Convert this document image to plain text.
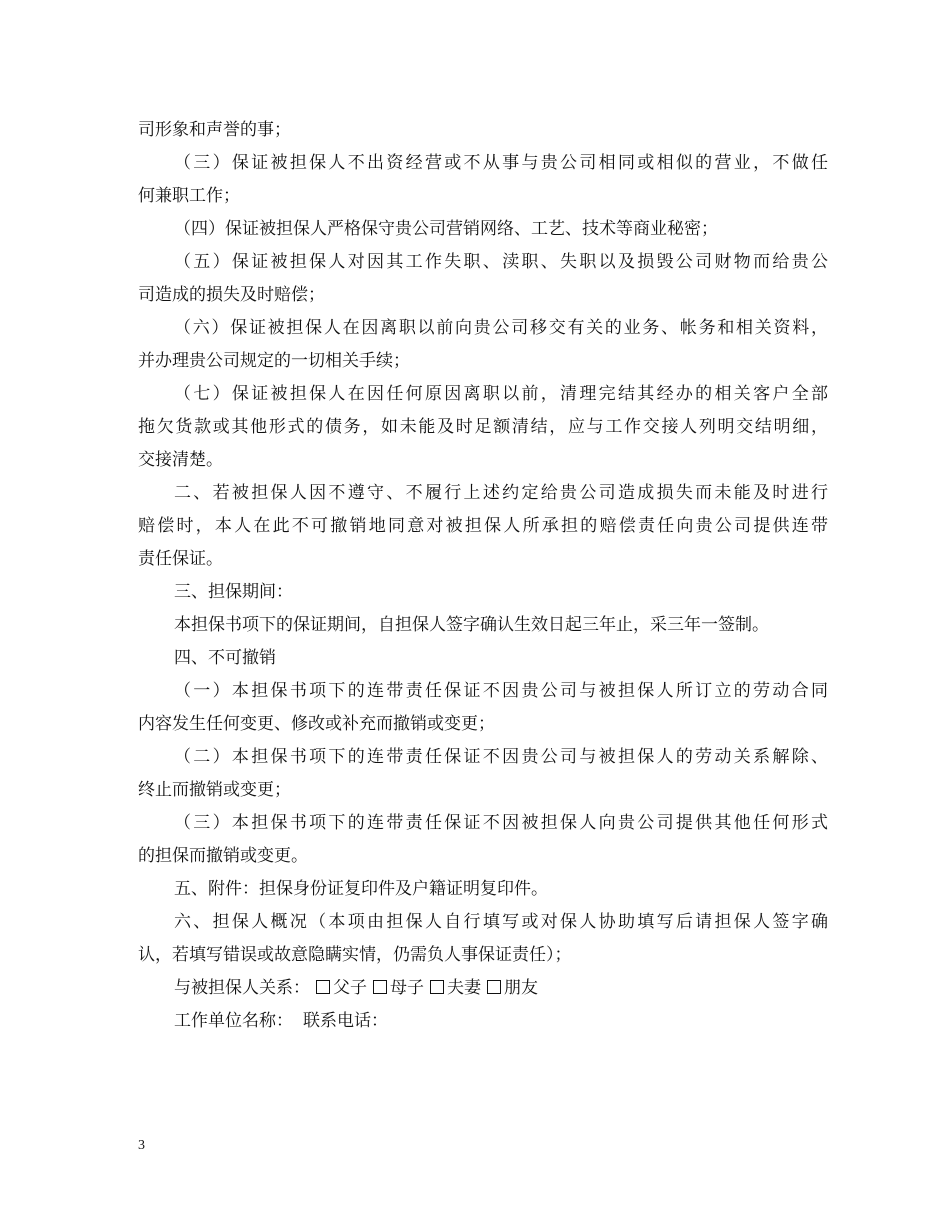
司形象和声誉的事；
（三）保证被担保人不出资经营或不从事与贵公司相同或相似的营业，不做任
何兼职工作；
（四）保证被担保人严格保守贵公司营销网络、工艺、技术等商业秘密；
（五）保证被担保人对因其工作失职、渎职、失职以及损毁公司财物而给贵公
司造成的损失及时赔偿；
（六）保证被担保人在因离职以前向贵公司移交有关的业务、帐务和相关资料，
并办理贵公司规定的一切相关手续；
（七）保证被担保人在因任何原因离职以前，清理完结其经办的相关客户全部
拖欠货款或其他形式的债务，如未能及时足额清结，应与工作交接人列明交结明细，
交接清楚。
二、若被担保人因不遵守、不履行上述约定给贵公司造成损失而未能及时进行
赔偿时，本人在此不可撤销地同意对被担保人所承担的赔偿责任向贵公司提供连带
责任保证。
三、担保期间：
本担保书项下的保证期间，自担保人签字确认生效日起三年止，采三年一签制。
四、不可撤销
（一）本担保书项下的连带责任保证不因贵公司与被担保人所订立的劳动合同
内容发生任何变更、修改或补充而撤销或变更；
（二）本担保书项下的连带责任保证不因贵公司与被担保人的劳动关系解除、
终止而撤销或变更；
（三）本担保书项下的连带责任保证不因被担保人向贵公司提供其他任何形式
的担保而撤销或变更。
五、附件：担保身份证复印件及户籍证明复印件。
六、担保人概况（本项由担保人自行填写或对保人协助填写后请担保人签字确
认，若填写错误或故意隐瞒实情，仍需负人事保证责任）；
与被担保人关系： 父子 母子 夫妻 朋友
工作单位名称： 联系电话：
3
